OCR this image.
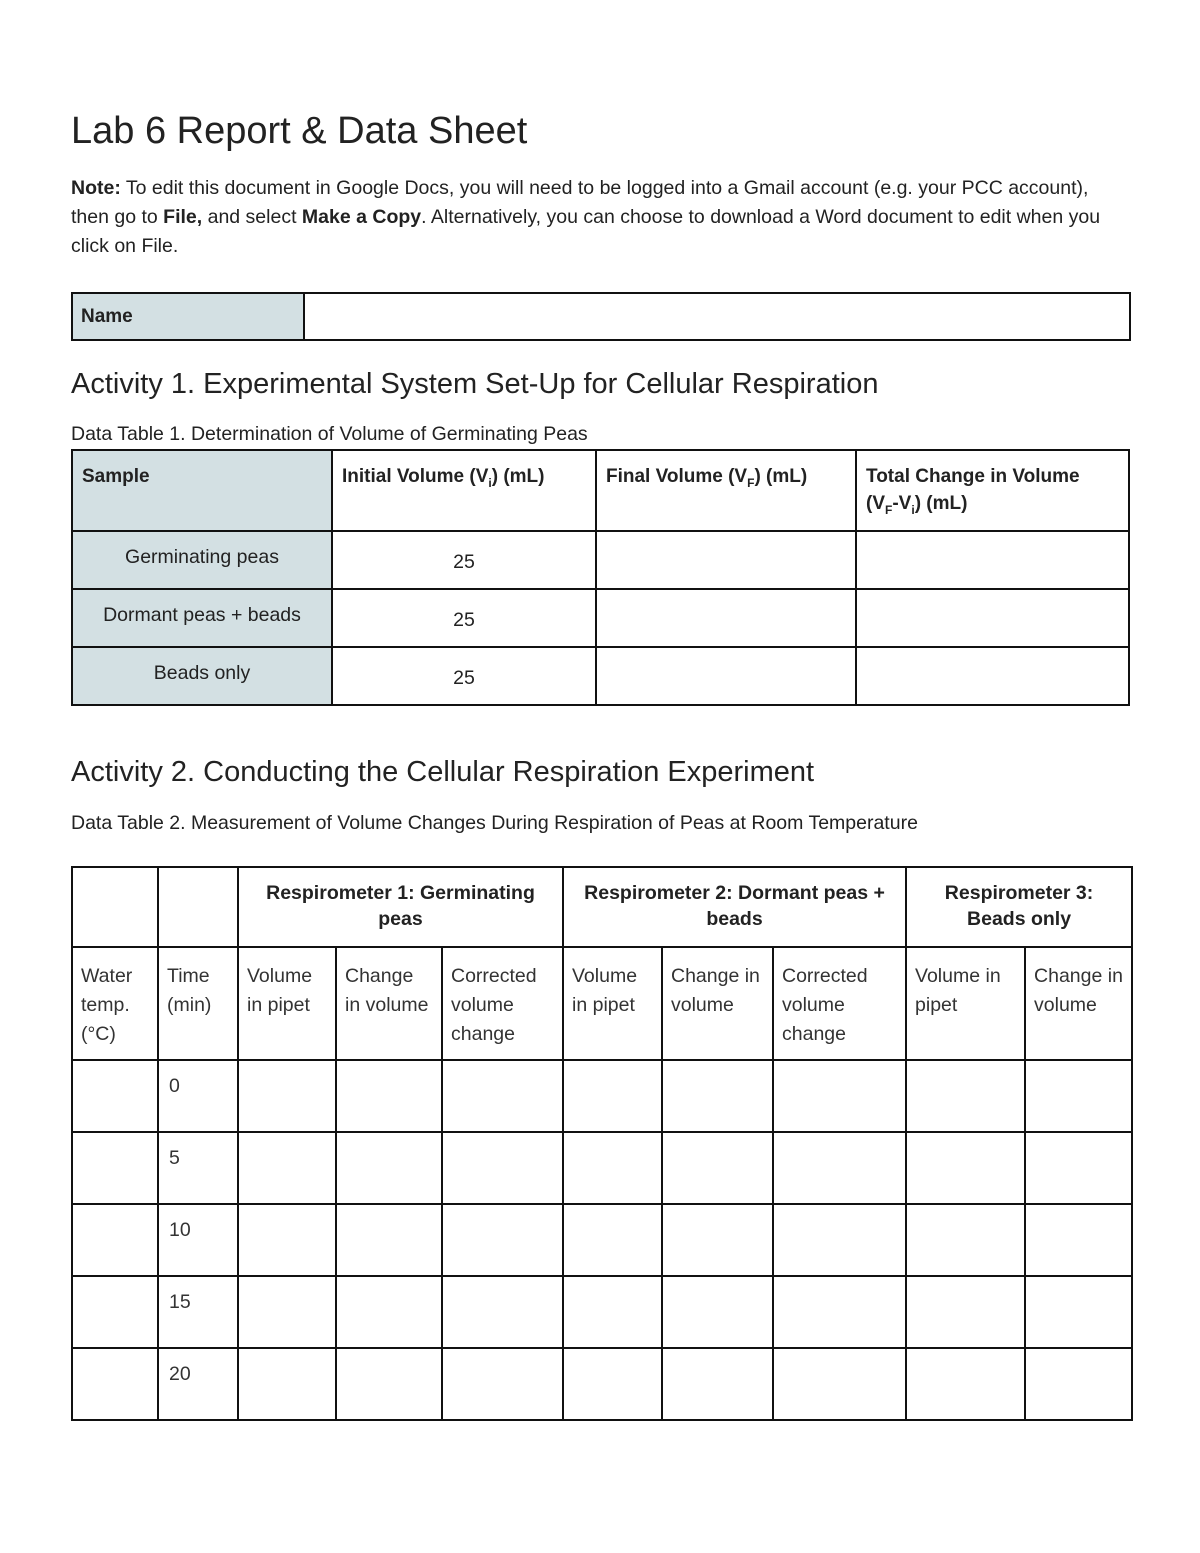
Lab 6 Report & Data Sheet

Note: To edit this document in Google Docs, you will need to be logged into a Gmail account (e.g. your PCC account), then go to File, and select Make a Copy. Alternatively, you can choose to download a Word document to edit when you click on File.

Name	
Activity 1. Experimental System Set-Up for Cellular Respiration

Data Table 1. Determination of Volume of Germinating Peas

Sample	Initial Volume $(V_i)$ (mL)	Final Volume $(V_F)$ (mL)	Total Change in Volume
$(V_F-V_i)$ (mL)
Germinating peas	25		
Dormant peas + beads	25		
Beads only	25		
Activity 2. Conducting the Cellular Respiration Experiment

Data Table 2. Measurement of Volume Changes During Respiration of Peas at Room Temperature

		Respirometer 1: Germinating peas			Respirometer 2: Dormant peas + beads			Respirometer 3: Beads only	
Water temp. (°C)	Time (min)	Volume in pipet	Change in volume	Corrected volume change	Volume in pipet	Change in volume	Corrected volume change	Volume in pipet	Change in volume
	0								
	5								
	10								
	15								
	20								
